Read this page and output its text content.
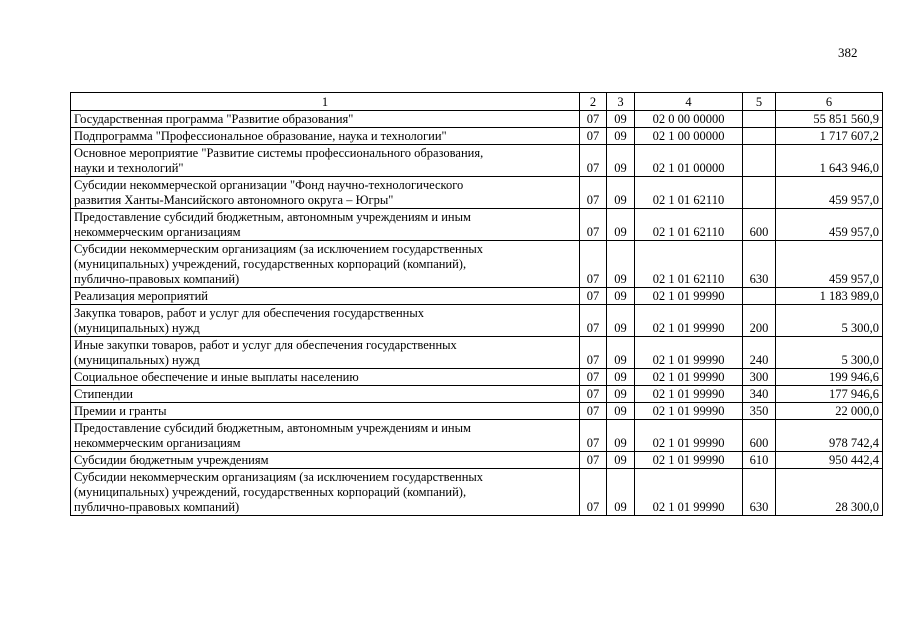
382
1	2	3	4	5	6
Государственная программа "Развитие образования"	07	09	02 0 00 00000		55 851 560,9
Подпрограмма "Профессиональное образование, наука и технологии"	07	09	02 1 00 00000		1 717 607,2
Основное мероприятие "Развитие системы профессионального образования,
науки и технологий"	07	09	02 1 01 00000		1 643 946,0
Субсидии некоммерческой организации "Фонд научно-технологического
развития Ханты-Мансийского автономного округа – Югры"	07	09	02 1 01 62110		459 957,0
Предоставление субсидий бюджетным, автономным учреждениям и иным
некоммерческим организациям	07	09	02 1 01 62110	600	459 957,0
Субсидии некоммерческим организациям (за исключением государственных
(муниципальных) учреждений, государственных корпораций (компаний),
публично-правовых компаний)	07	09	02 1 01 62110	630	459 957,0
Реализация мероприятий	07	09	02 1 01 99990		1 183 989,0
Закупка товаров, работ и услуг для обеспечения государственных
(муниципальных) нужд	07	09	02 1 01 99990	200	5 300,0
Иные закупки товаров, работ и услуг для обеспечения государственных
(муниципальных) нужд	07	09	02 1 01 99990	240	5 300,0
Социальное обеспечение и иные выплаты населению	07	09	02 1 01 99990	300	199 946,6
Стипендии	07	09	02 1 01 99990	340	177 946,6
Премии и гранты	07	09	02 1 01 99990	350	22 000,0
Предоставление субсидий бюджетным, автономным учреждениям и иным
некоммерческим организациям	07	09	02 1 01 99990	600	978 742,4
Субсидии бюджетным учреждениям	07	09	02 1 01 99990	610	950 442,4
Субсидии некоммерческим организациям (за исключением государственных
(муниципальных) учреждений, государственных корпораций (компаний),
публично-правовых компаний)	07	09	02 1 01 99990	630	28 300,0
